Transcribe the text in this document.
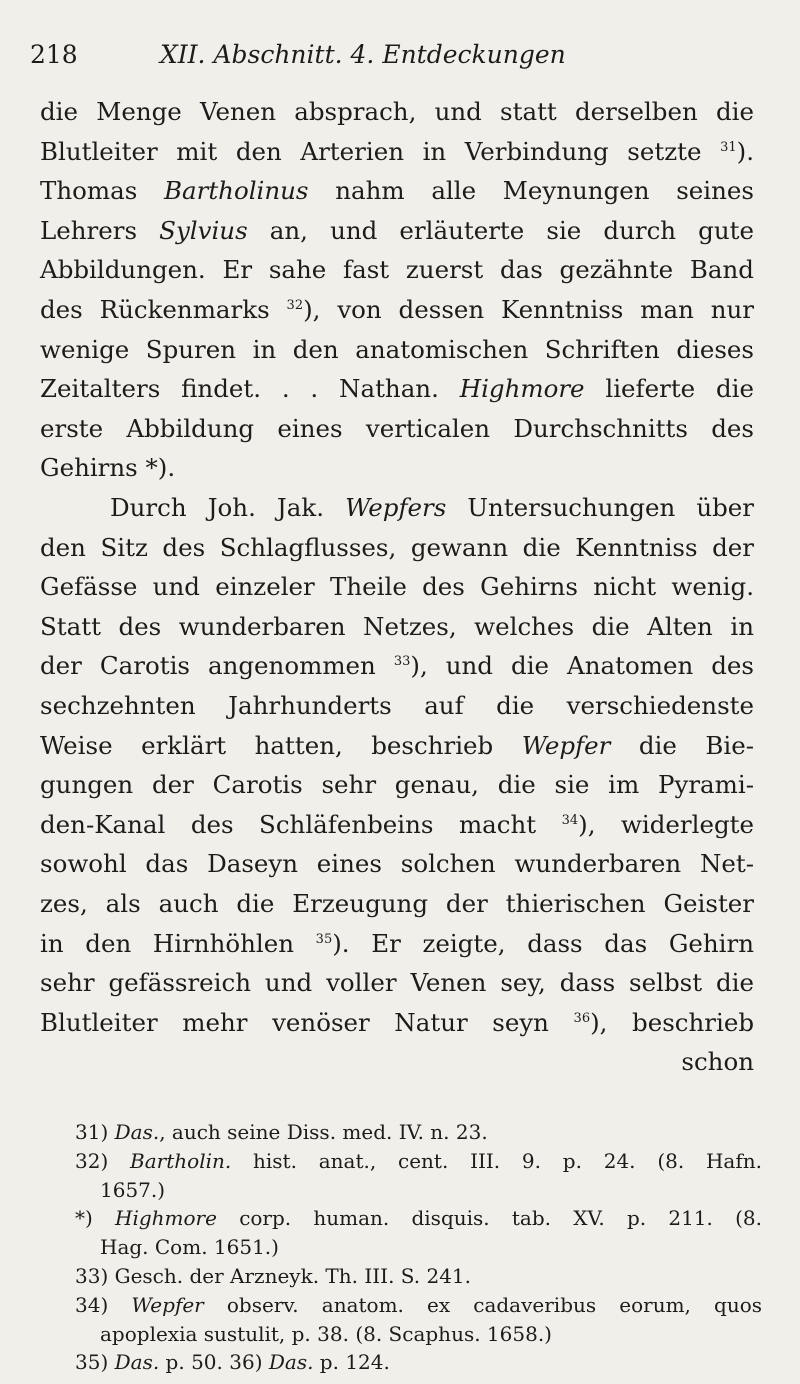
218	XII. Abschnitt. 4. Entdeckungen
die Menge Venen absprach, und statt derselben die
Blutleiter mit den Arterien in Verbindung setzte $^{31}$).
Thomas Bartholinus nahm alle Meynungen seines
Lehrers Sylvius an, und erläuterte sie durch gute
Abbildungen. Er sahe fast zuerst das gezähnte Band
des Rückenmarks $^{32}$), von dessen Kenntniss man nur
wenige Spuren in den anatomischen Schriften dieses
Zeitalters findet. . . Nathan. Highmore lieferte die
erste Abbildung eines verticalen Durchschnitts des
Gehirns *).
Durch Joh. Jak. Wepfers Untersuchungen über
den Sitz des Schlagflusses, gewann die Kenntniss der
Gefässe und einzeler Theile des Gehirns nicht wenig.
Statt des wunderbaren Netzes, welches die Alten in
der Carotis angenommen $^{33}$), und die Anatomen des
sechzehnten Jahrhunderts auf die verschiedenste
Weise erklärt hatten, beschrieb Wepfer die Bie-
gungen der Carotis sehr genau, die sie im Pyrami-
den-Kanal des Schläfenbeins macht $^{34}$), widerlegte
sowohl das Daseyn eines solchen wunderbaren Net-
zes, als auch die Erzeugung der thierischen Geister
in den Hirnhöhlen $^{35}$). Er zeigte, dass das Gehirn
sehr gefässreich und voller Venen sey, dass selbst die
Blutleiter mehr venöser Natur seyn $^{36}$), beschrieb
schon
31) Das., auch seine Diss. med. IV. n. 23.
32) Bartholin. hist. anat., cent. III. 9. p. 24. (8. Hafn.
1657.)
*) Highmore corp. human. disquis. tab. XV. p. 211. (8.
Hag. Com. 1651.)
33) Gesch. der Arzneyk. Th. III. S. 241.
34) Wepfer observ. anatom. ex cadaveribus eorum, quos
apoplexia sustulit, p. 38. (8. Scaphus. 1658.)
35) Das. p. 50. 36) Das. p. 124.
